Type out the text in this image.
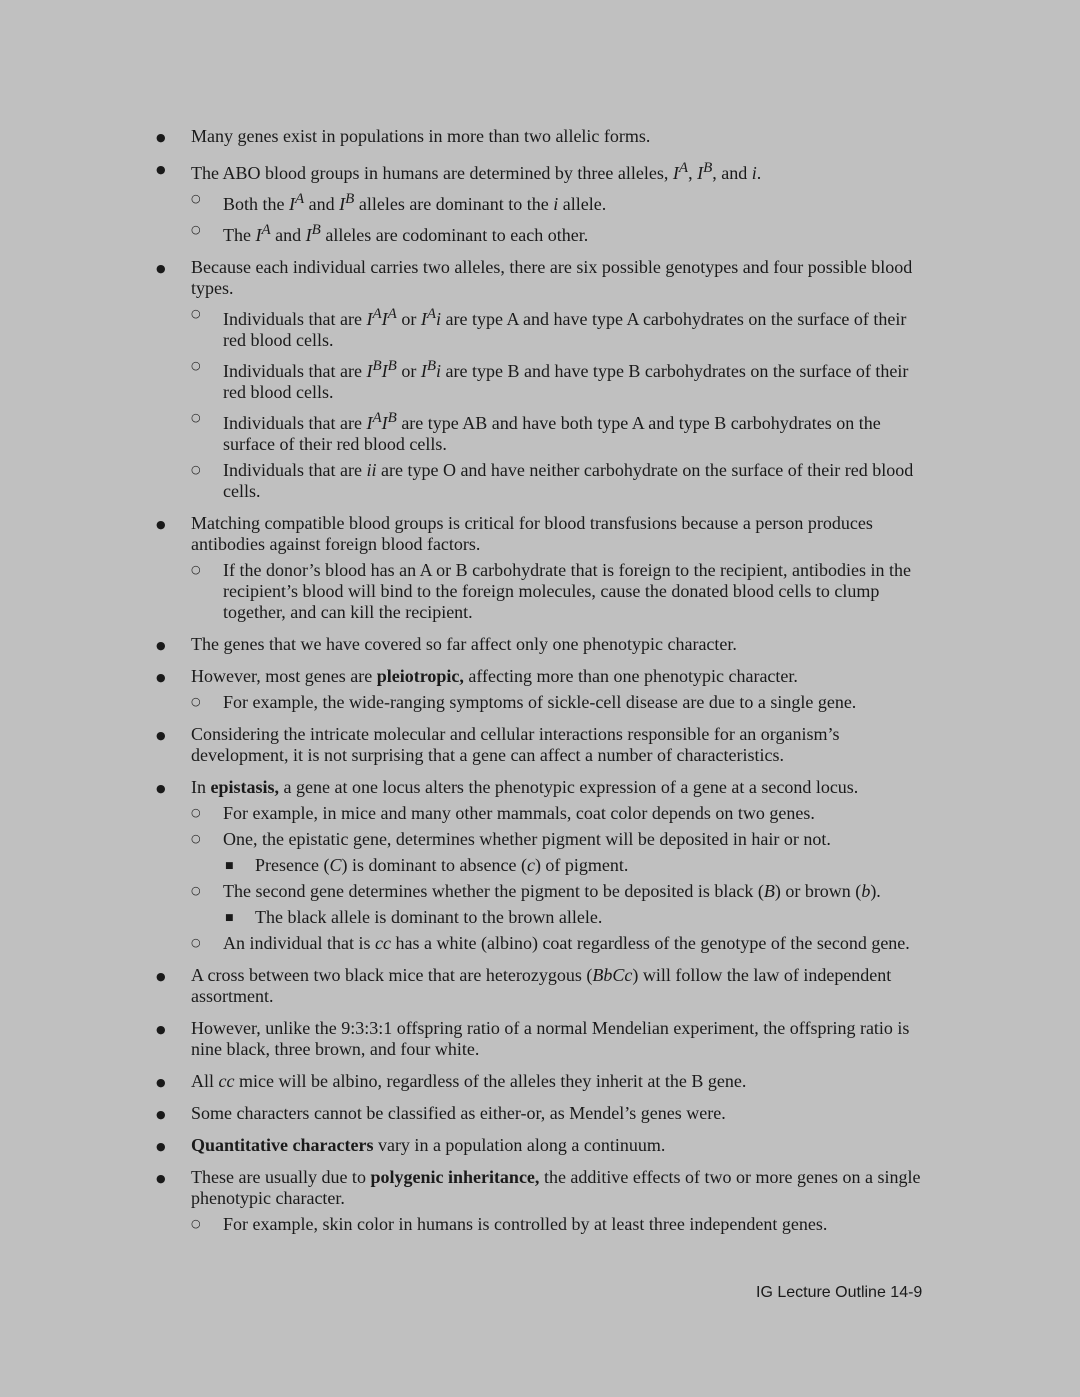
● Many genes exist in populations in more than two allelic forms.
● The ABO blood groups in humans are determined by three alleles, $I^A$, $I^B$, and i.
○ Both the $I^A$ and $I^B$ alleles are dominant to the i allele.
○ The $I^A$ and $I^B$ alleles are codominant to each other.
● Because each individual carries two alleles, there are six possible genotypes and four possible blood types.
○ Individuals that are $I^AI^A$ or $I^Ai$ are type A and have type A carbohydrates on the surface of their red blood cells.
○ Individuals that are $I^BI^B$ or $I^Bi$ are type B and have type B carbohydrates on the surface of their red blood cells.
○ Individuals that are $I^AI^B$ are type AB and have both type A and type B carbohydrates on the surface of their red blood cells.
○ Individuals that are ii are type O and have neither carbohydrate on the surface of their red blood cells.
● Matching compatible blood groups is critical for blood transfusions because a person produces antibodies against foreign blood factors.
○ If the donor’s blood has an A or B carbohydrate that is foreign to the recipient, antibodies in the recipient’s blood will bind to the foreign molecules, cause the donated blood cells to clump together, and can kill the recipient.
● The genes that we have covered so far affect only one phenotypic character.
● However, most genes are pleiotropic, affecting more than one phenotypic character.
○ For example, the wide-ranging symptoms of sickle-cell disease are due to a single gene.
● Considering the intricate molecular and cellular interactions responsible for an organism’s development, it is not surprising that a gene can affect a number of characteristics.
● In epistasis, a gene at one locus alters the phenotypic expression of a gene at a second locus.
○ For example, in mice and many other mammals, coat color depends on two genes.
○ One, the epistatic gene, determines whether pigment will be deposited in hair or not.
■ Presence (C) is dominant to absence (c) of pigment.
○ The second gene determines whether the pigment to be deposited is black (B) or brown (b).
■ The black allele is dominant to the brown allele.
○ An individual that is cc has a white (albino) coat regardless of the genotype of the second gene.
● A cross between two black mice that are heterozygous (BbCc) will follow the law of independent assortment.
● However, unlike the 9:3:3:1 offspring ratio of a normal Mendelian experiment, the offspring ratio is nine black, three brown, and four white.
● All cc mice will be albino, regardless of the alleles they inherit at the B gene.
● Some characters cannot be classified as either-or, as Mendel’s genes were.
● Quantitative characters vary in a population along a continuum.
● These are usually due to polygenic inheritance, the additive effects of two or more genes on a single phenotypic character.
○ For example, skin color in humans is controlled by at least three independent genes.
IG Lecture Outline 14-9
